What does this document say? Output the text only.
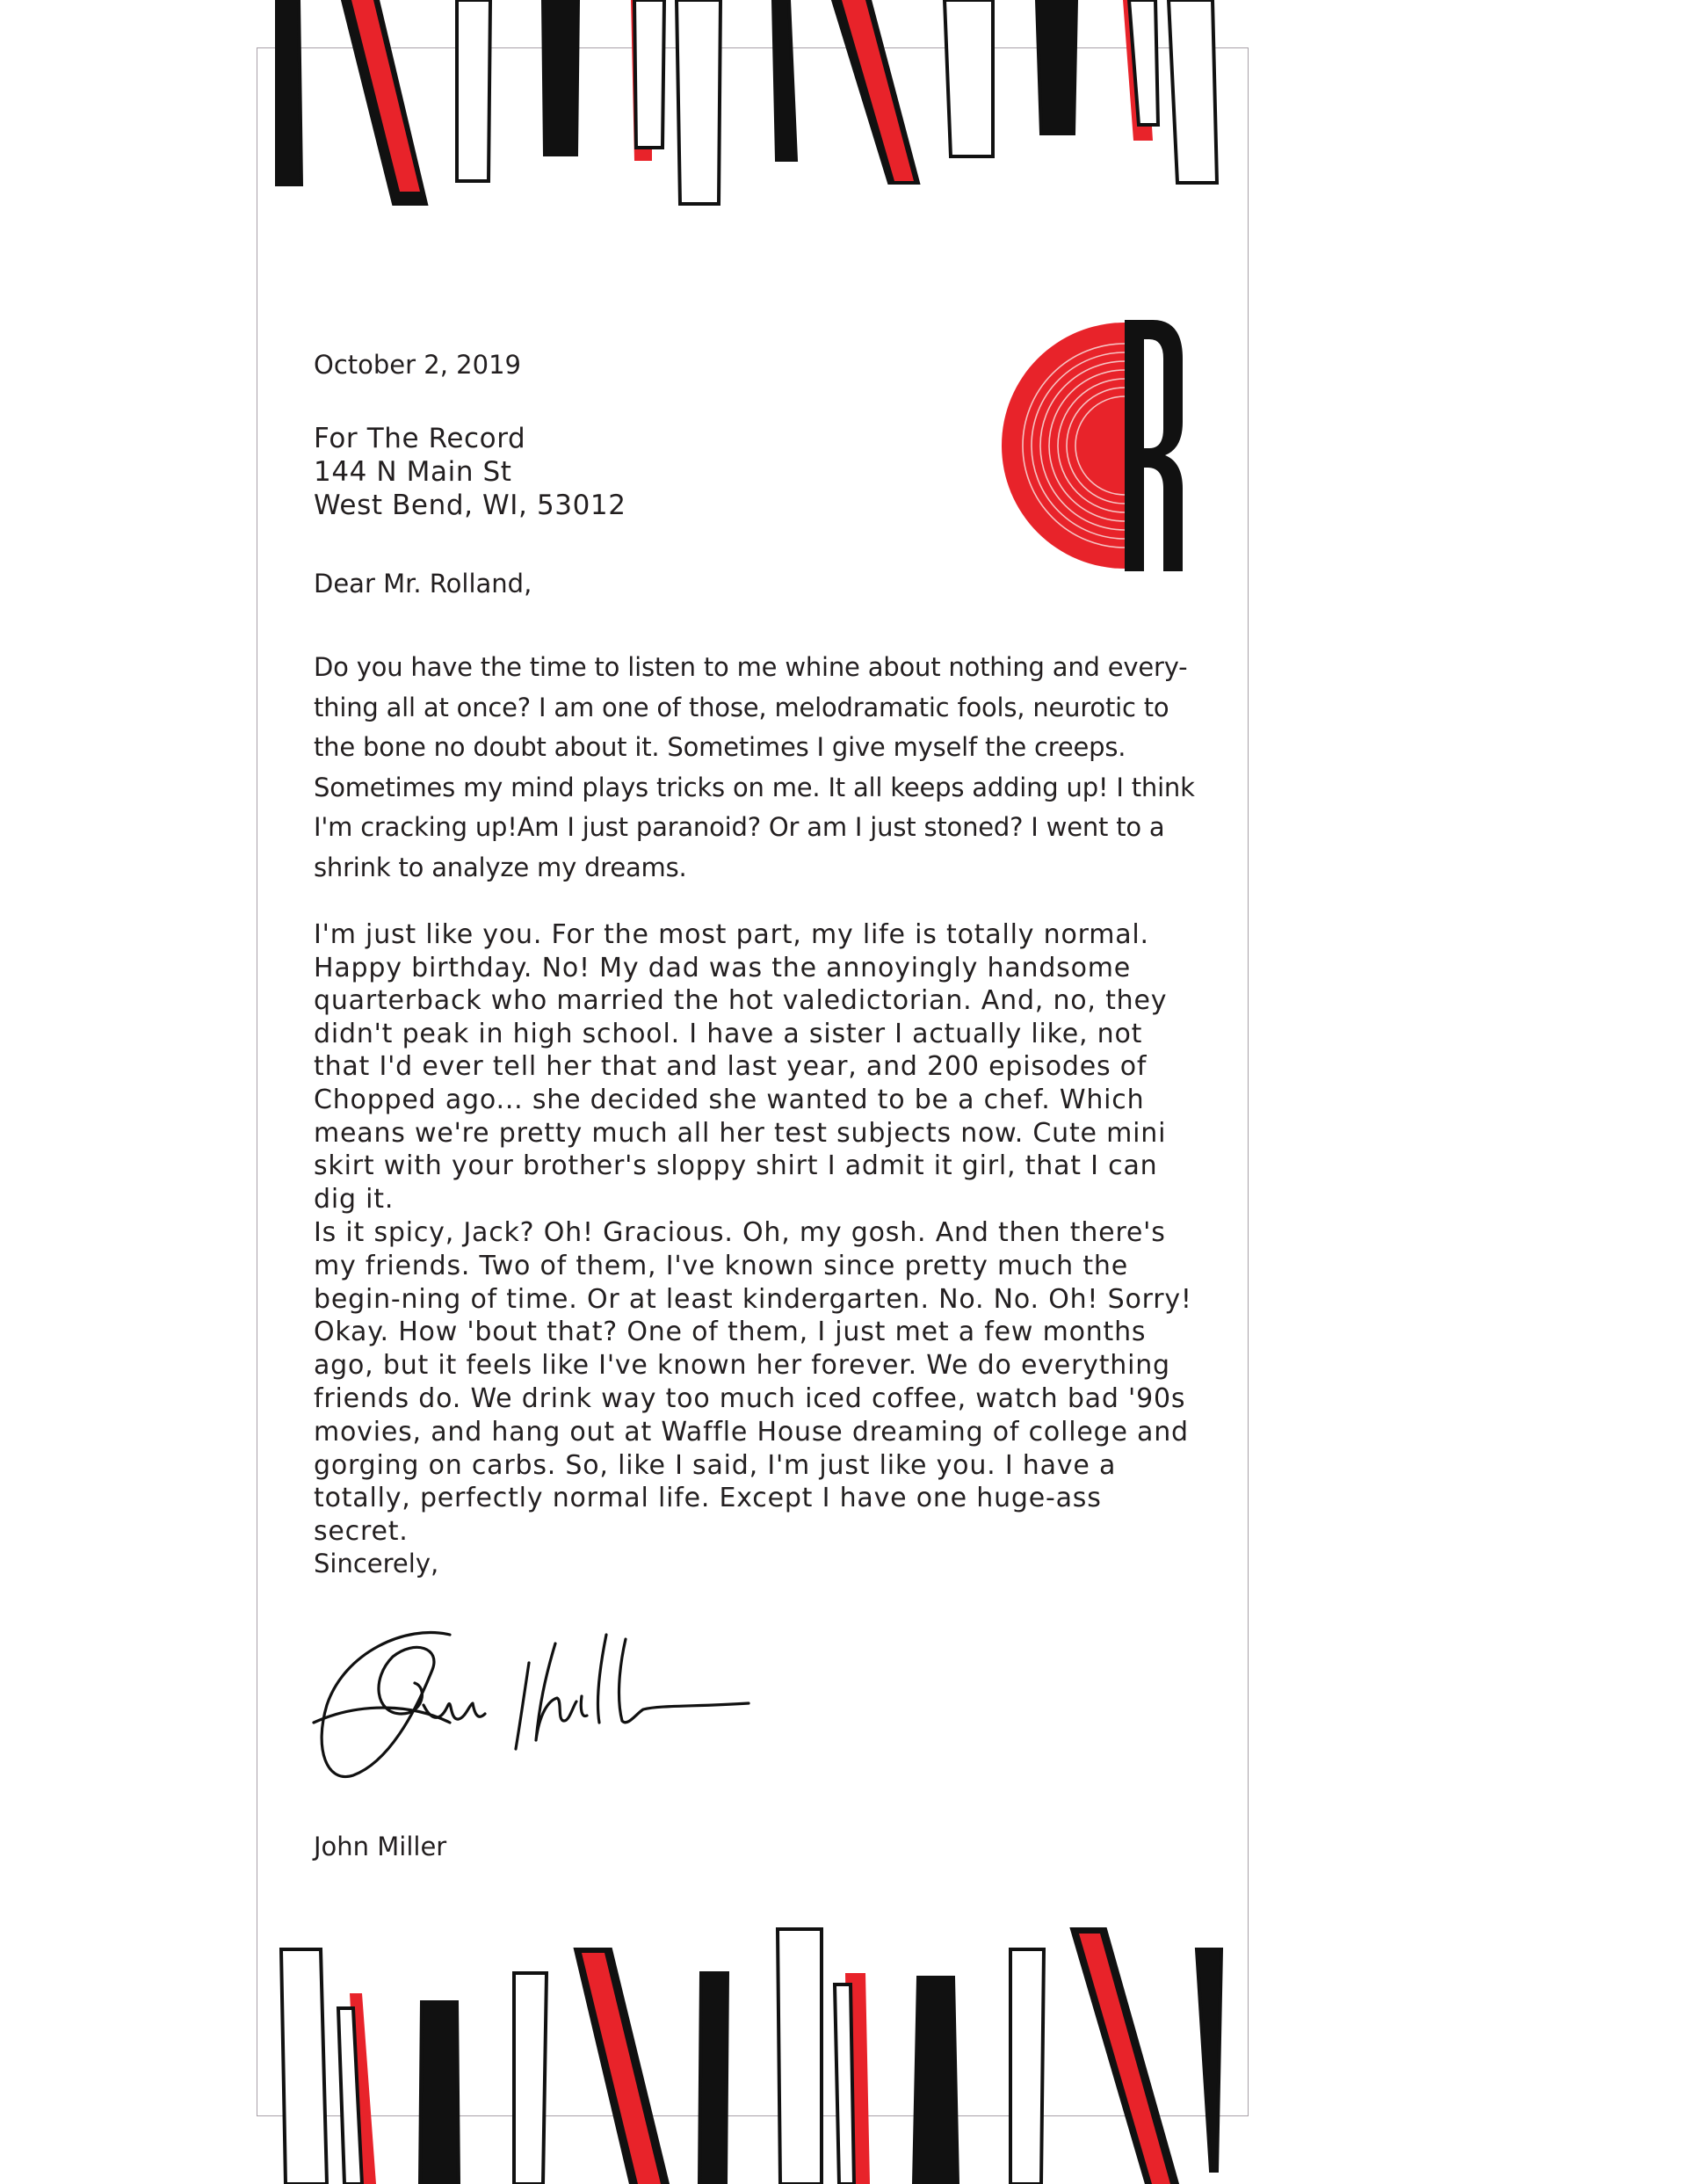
October 2, 2019

For The Record
144 N Main St
West Bend, WI, 53012

Dear Mr. Rolland,

Do you have the time to listen to me whine about nothing and every-thing all at once? I am one of those, melodramatic fools, neurotic to the bone no doubt about it. Sometimes I give myself the creeps. Sometimes my mind plays tricks on me. It all keeps adding up! I think I'm cracking up!Am I just paranoid? Or am I just stoned? I went to a shrink to analyze my dreams.

I'm just like you. For the most part, my life is totally normal. Happy birthday. No! My dad was the annoyingly handsome quarterback who married the hot valedictorian. And, no, they didn't peak in high school. I have a sister I actually like, not that I'd ever tell her that and last year, and 200 episodes of Chopped ago... she decided she wanted to be a chef. Which means we're pretty much all her test subjects now. Cute mini skirt with your brother's sloppy shirt I admit it girl, that I can dig it.

Is it spicy, Jack? Oh! Gracious. Oh, my gosh. And then there's my friends. Two of them, I've known since pretty much the begin-ning of time. Or at least kindergarten. No. No. Oh! Sorry! Okay. How 'bout that? One of them, I just met a few months ago, but it feels like I've known her forever. We do everything friends do. We drink way too much iced coffee, watch bad '90s movies, and hang out at Waffle House dreaming of college and gorging on carbs. So, like I said, I'm just like you. I have a totally, perfectly normal life. Except I have one huge-ass secret.

Sincerely,

John Miller
